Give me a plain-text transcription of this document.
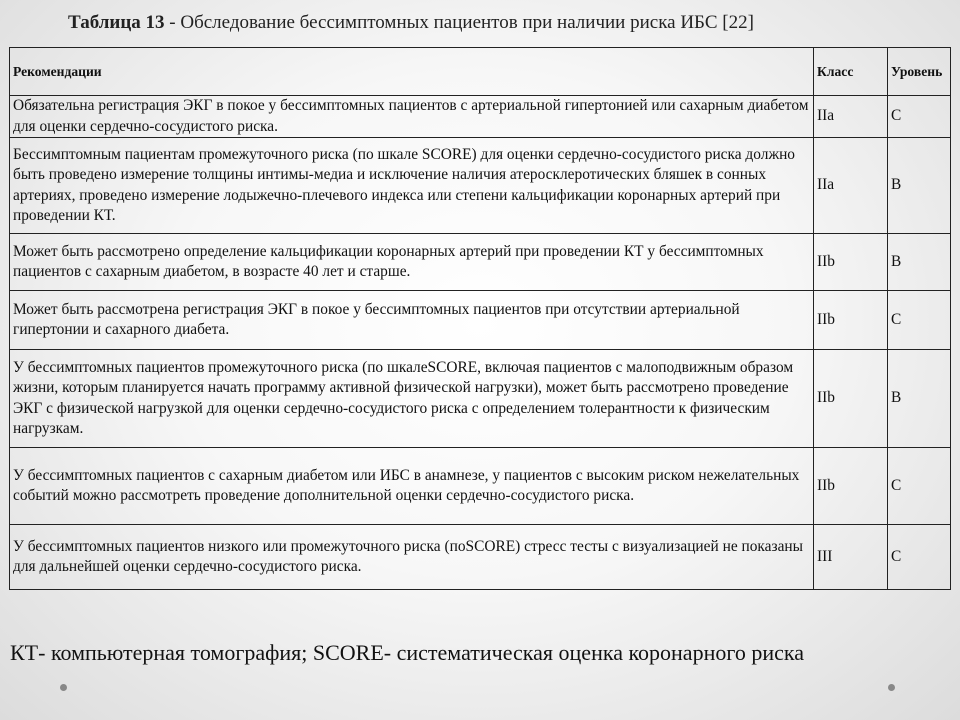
Таблица 13 - Обследование бессимптомных пациентов при наличии риска ИБС [22]
Рекомендации	Класс	Уровень
Обязательна регистрация ЭКГ в покое у бессимптомных пациентов с артериальной гипертонией или сахарным диабетом для оценки сердечно-сосудистого риска.	IIa	C
Бессимптомным пациентам промежуточного риска (по шкале SCORE) для оценки сердечно-сосудистого риска должно быть проведено измерение толщины интимы-медиа и исключение наличия атеросклеротических бляшек в сонных артериях, проведено измерение лодыжечно-плечевого индекса или степени кальцификации коронарных артерий при проведении КТ.	IIa	B
Может быть рассмотрено определение кальцификации коронарных артерий при проведении КТ у бессимптомных пациентов с сахарным диабетом, в возрасте 40 лет и старше.	IIb	B
Может быть рассмотрена регистрация ЭКГ в покое у бессимптомных пациентов при отсутствии артериальной гипертонии и сахарного диабета.	IIb	C
У бессимптомных пациентов промежуточного риска (по шкалеSCORE, включая пациентов с малоподвижным образом жизни, которым планируется начать программу активной физической нагрузки), может быть рассмотрено проведение ЭКГ с физической нагрузкой для оценки сердечно-сосудистого риска с определением толерантности к физическим нагрузкам.	IIb	B
У бессимптомных пациентов с сахарным диабетом или ИБС в анамнезе, у пациентов с высоким риском нежелательных событий можно рассмотреть проведение дополнительной оценки сердечно-сосудистого риска.	IIb	C
У бессимптомных пациентов низкого или промежуточного риска (поSCORE) стресс тесты с визуализацией не показаны для дальнейшей оценки сердечно-сосудистого риска.	III	C
КТ- компьютерная томография; SCORE- систематическая оценка коронарного риска
